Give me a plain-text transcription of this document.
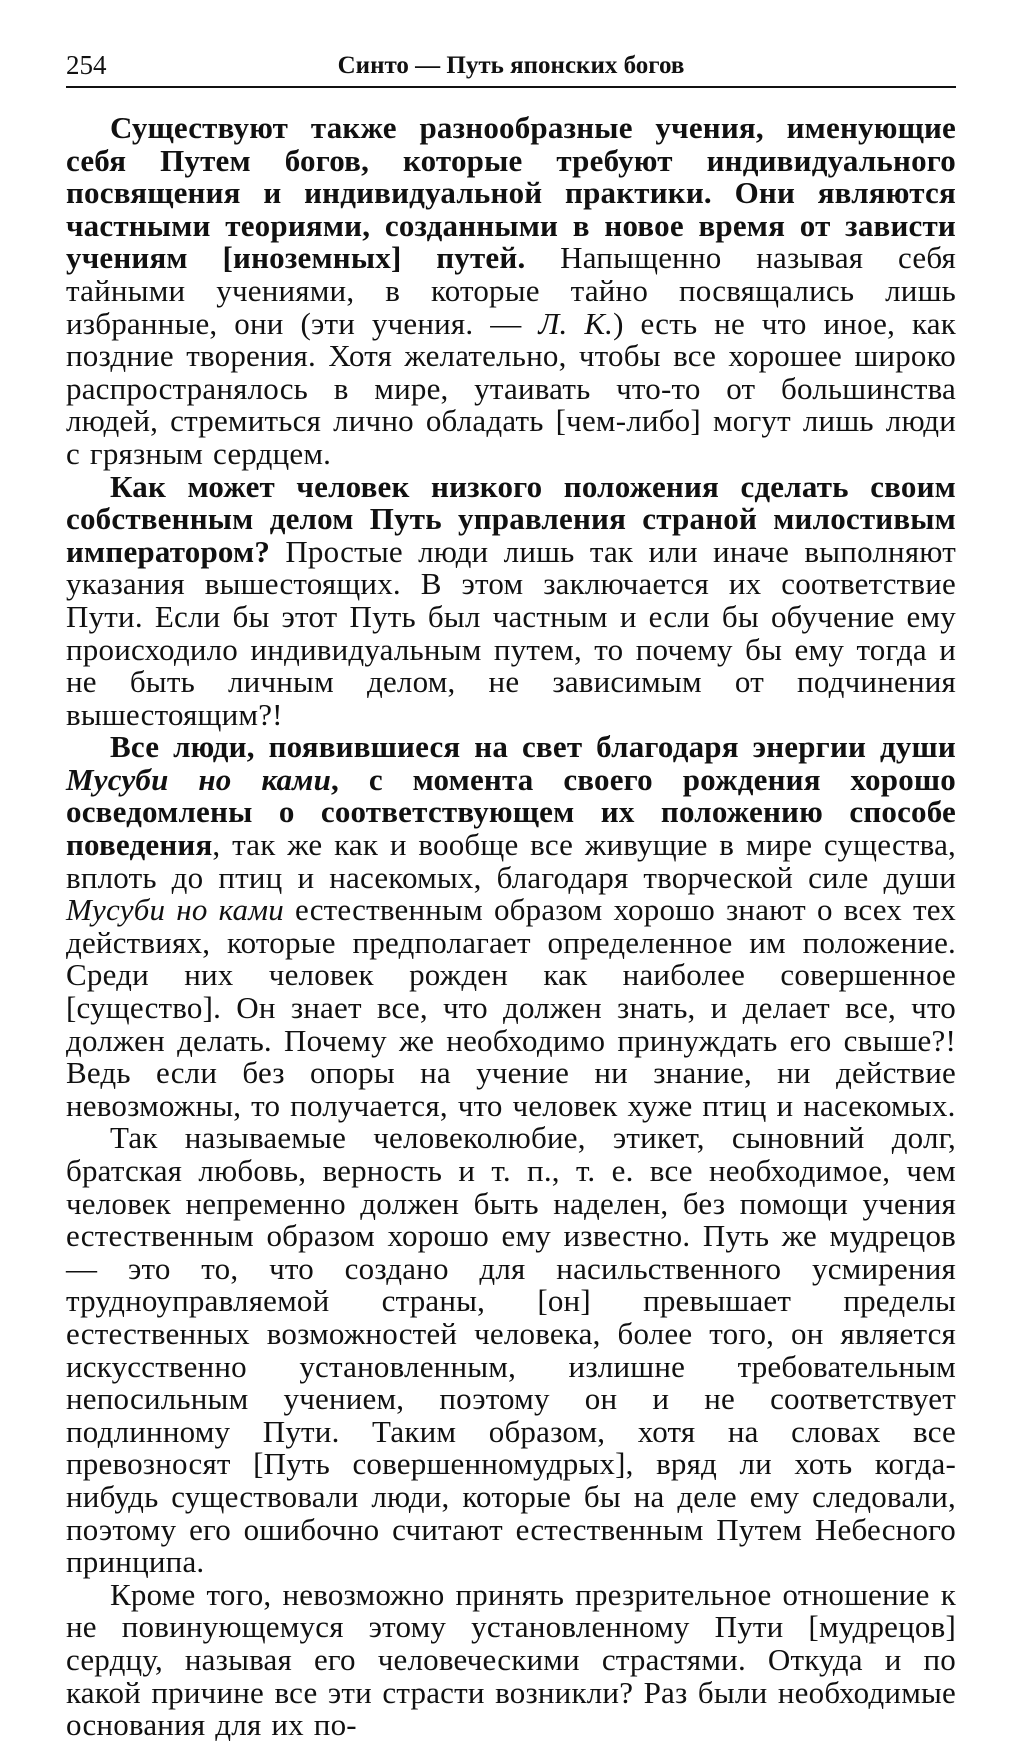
254	Синто — Путь японских богов

Существуют также разнообразные учения, именующие себя Путем богов, которые требуют индивидуального посвящения и индивидуальной практики. Они являются частными теориями, созданными в новое время от зависти учениям [иноземных] путей. Напыщенно называя себя тайными учениями, в которые тайно посвящались лишь избранные, они (эти учения. — Л. К.) есть не что иное, как поздние творения. Хотя желательно, чтобы все хорошее широко распространялось в мире, утаивать что-то от большинства людей, стремиться лично обладать [чем-либо] могут лишь люди с грязным сердцем.

Как может человек низкого положения сделать своим собственным делом Путь управления страной милостивым императором? Простые люди лишь так или иначе выполняют указания вышестоящих. В этом заключается их соответствие Пути. Если бы этот Путь был частным и если бы обучение ему происходило индивидуальным путем, то почему бы ему тогда и не быть личным делом, не зависимым от подчинения вышестоящим?!

Все люди, появившиеся на свет благодаря энергии души Мусуби но ками, с момента своего рождения хорошо осведомлены о соответствующем их положению способе поведения, так же как и вообще все живущие в мире существа, вплоть до птиц и насекомых, благодаря творческой силе души Мусуби но ками естественным образом хорошо знают о всех тех действиях, которые предполагает определенное им положение. Среди них человек рожден как наиболее совершенное [существо]. Он знает все, что должен знать, и делает все, что должен делать. Почему же необходимо принуждать его свыше?! Ведь если без опоры на учение ни знание, ни действие невозможны, то получается, что человек хуже птиц и насекомых.

Так называемые человеколюбие, этикет, сыновний долг, братская любовь, верность и т. п., т. е. все необходимое, чем человек непременно должен быть наделен, без помощи учения естественным образом хорошо ему известно. Путь же мудрецов — это то, что создано для насильственного усмирения трудноуправляемой страны, [он] превышает пределы естественных возможностей человека, более того, он является искусственно установленным, излишне требовательным непосильным учением, поэтому он и не соответствует подлинному Пути. Таким образом, хотя на словах все превозносят [Путь совершенномудрых], вряд ли хоть когда-нибудь существовали люди, которые бы на деле ему следовали, поэтому его ошибочно считают естественным Путем Небесного принципа.

Кроме того, невозможно принять презрительное отношение к не повинующемуся этому установленному Пути [мудрецов] сердцу, называя его человеческими страстями. Откуда и по какой причине все эти страсти возникли? Раз были необходимые основания для их по-
